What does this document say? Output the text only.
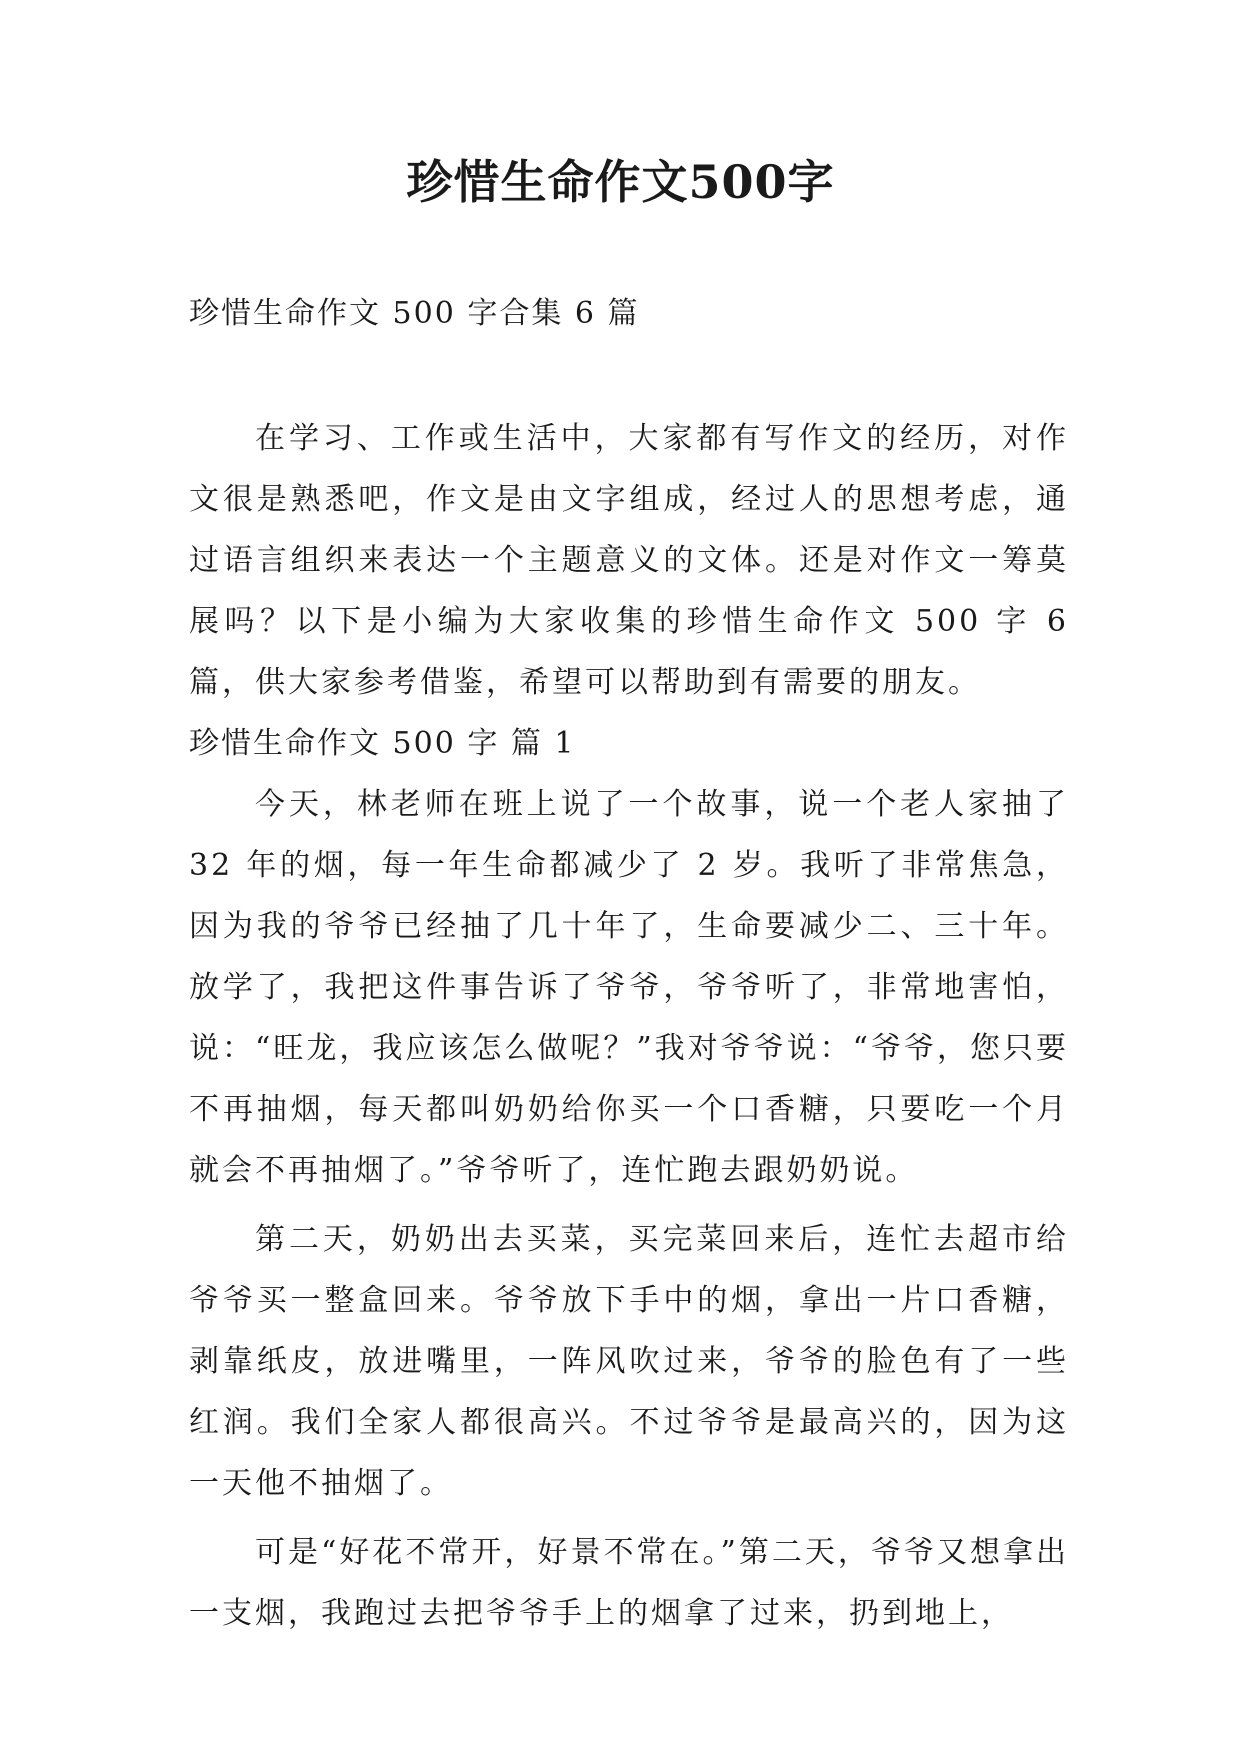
珍惜生命作文500字

珍惜生命作文 500 字合集 6 篇

在学习、工作或生活中，大家都有写作文的经历，对作文很是熟悉吧，作文是由文字组成，经过人的思想考虑，通过语言组织来表达一个主题意义的文体。还是对作文一筹莫展吗？以下是小编为大家收集的珍惜生命作文 500 字 6 篇，供大家参考借鉴，希望可以帮助到有需要的朋友。

珍惜生命作文 500 字 篇 1

今天，林老师在班上说了一个故事，说一个老人家抽了 32 年的烟，每一年生命都减少了 2 岁。我听了非常焦急，因为我的爷爷已经抽了几十年了，生命要减少二、三十年。放学了，我把这件事告诉了爷爷，爷爷听了，非常地害怕，说：“旺龙，我应该怎么做呢？”我对爷爷说：“爷爷，您只要不再抽烟，每天都叫奶奶给你买一个口香糖，只要吃一个月就会不再抽烟了。”爷爷听了，连忙跑去跟奶奶说。

第二天，奶奶出去买菜，买完菜回来后，连忙去超市给爷爷买一整盒回来。爷爷放下手中的烟，拿出一片口香糖，剥靠纸皮，放进嘴里，一阵风吹过来，爷爷的脸色有了一些红润。我们全家人都很高兴。不过爷爷是最高兴的，因为这一天他不抽烟了。

可是“好花不常开，好景不常在。”第二天，爷爷又想拿出一支烟，我跑过去把爷爷手上的烟拿了过来，扔到地上，
